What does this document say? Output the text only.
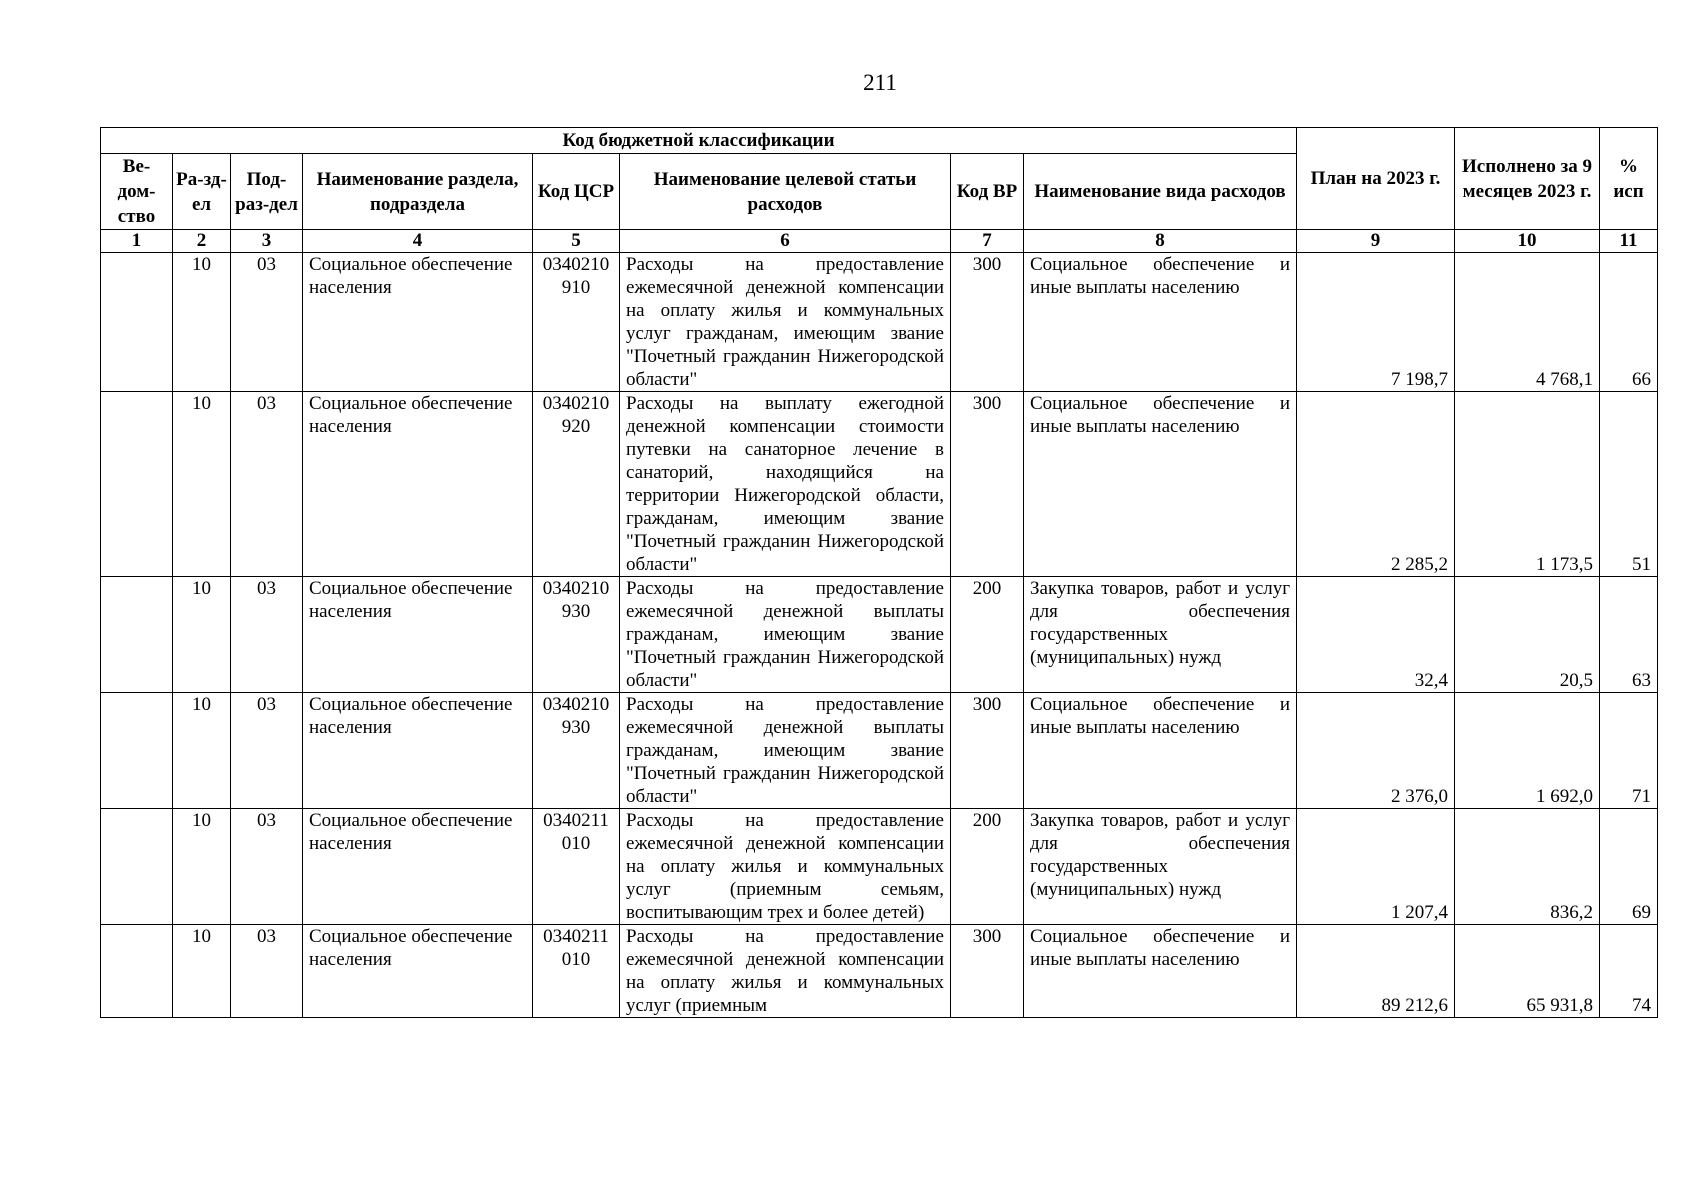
211
Код бюджетной классификации								План на 2023 г.	Исполнено за 9 месяцев 2023 г.	% исп
Ве-дом-ство	Ра-зд-ел	Под-раз-дел	Наименование раздела, подраздела	Код ЦСР	Наименование целевой статьи расходов	Код ВР	Наименование вида расходов			
1	2	3	4	5	6	7	8	9	10	11
	10	03	Социальное обеспечение населения	0340210910	Расходы на предоставление ежемесячной денежной компенсации на оплату жилья и коммунальных услуг гражданам, имеющим звание "Почетный гражданин Нижегородской области"	300	Социальное обеспечение и иные выплаты населению	7 198,7	4 768,1	66
	10	03	Социальное обеспечение населения	0340210920	Расходы на выплату ежегодной денежной компенсации стоимости путевки на санаторное лечение в санаторий, находящийся на территории Нижегородской области, гражданам, имеющим звание "Почетный гражданин Нижегородской области"	300	Социальное обеспечение и иные выплаты населению	2 285,2	1 173,5	51
	10	03	Социальное обеспечение населения	0340210930	Расходы на предоставление ежемесячной денежной выплаты гражданам, имеющим звание "Почетный гражданин Нижегородской области"	200	Закупка товаров, работ и услуг для обеспечения государственных (муниципальных) нужд	32,4	20,5	63
	10	03	Социальное обеспечение населения	0340210930	Расходы на предоставление ежемесячной денежной выплаты гражданам, имеющим звание "Почетный гражданин Нижегородской области"	300	Социальное обеспечение и иные выплаты населению	2 376,0	1 692,0	71
	10	03	Социальное обеспечение населения	0340211010	Расходы на предоставление ежемесячной денежной компенсации на оплату жилья и коммунальных услуг (приемным семьям, воспитывающим трех и более детей)	200	Закупка товаров, работ и услуг для обеспечения государственных (муниципальных) нужд	1 207,4	836,2	69
	10	03	Социальное обеспечение населения	0340211010	Расходы на предоставление ежемесячной денежной компенсации на оплату жилья и коммунальных услуг (приемным	300	Социальное обеспечение и иные выплаты населению	89 212,6	65 931,8	74
